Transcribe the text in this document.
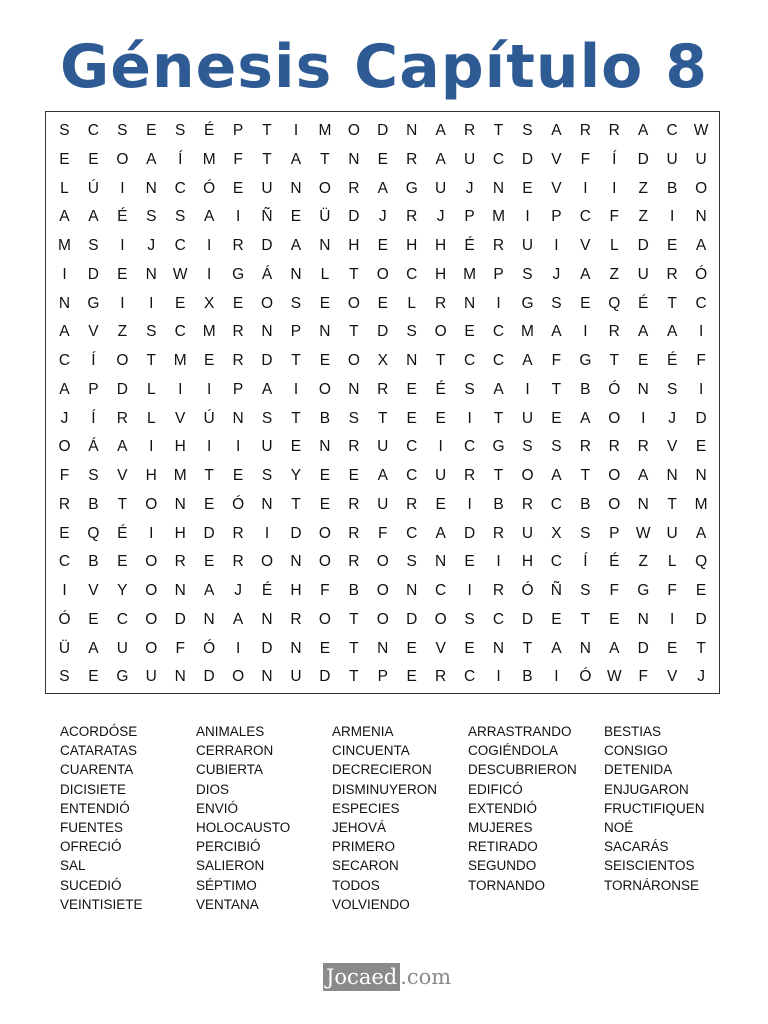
Génesis Capítulo 8
S	C	S	E	S	É	P	T	I	M	O	D	N	A	R	T	S	A	R	R	A	C	W
E	E	O	A	Í	M	F	T	A	T	N	E	R	A	U	C	D	V	F	Í	D	U	U
L	Ú	I	N	C	Ó	E	U	N	O	R	A	G	U	J	N	E	V	I	I	Z	B	O
A	A	É	S	S	A	I	Ñ	E	Ü	D	J	R	J	P	M	I	P	C	F	Z	I	N
M	S	I	J	C	I	R	D	A	N	H	E	H	H	É	R	U	I	V	L	D	E	A
I	D	E	N	W	I	G	Á	N	L	T	O	C	H	M	P	S	J	A	Z	U	R	Ó
N	G	I	I	E	X	E	O	S	E	O	E	L	R	N	I	G	S	E	Q	É	T	C
A	V	Z	S	C	M	R	N	P	N	T	D	S	O	E	C	M	A	I	R	A	A	I
C	Í	O	T	M	E	R	D	T	E	O	X	N	T	C	C	A	F	G	T	E	É	F
A	P	D	L	I	I	P	A	I	O	N	R	E	É	S	A	I	T	B	Ó	N	S	I
J	Í	R	L	V	Ú	N	S	T	B	S	T	E	E	I	T	U	E	A	O	I	J	D
O	Á	A	I	H	I	I	U	E	N	R	U	C	I	C	G	S	S	R	R	R	V	E
F	S	V	H	M	T	E	S	Y	E	E	A	C	U	R	T	O	A	T	O	A	N	N
R	B	T	O	N	E	Ó	N	T	E	R	U	R	E	I	B	R	C	B	O	N	T	M
E	Q	É	I	H	D	R	I	D	O	R	F	C	A	D	R	U	X	S	P	W	U	A
C	B	E	O	R	E	R	O	N	O	R	O	S	N	E	I	H	C	Í	É	Z	L	Q
I	V	Y	O	N	A	J	É	H	F	B	O	N	C	I	R	Ó	Ñ	S	F	G	F	E
Ó	E	C	O	D	N	A	N	R	O	T	O	D	O	S	C	D	E	T	E	N	I	D
Ü	A	U	O	F	Ó	I	D	N	E	T	N	E	V	E	N	T	A	N	A	D	E	T
S	E	G	U	N	D	O	N	U	D	T	P	E	R	C	I	B	I	Ó	W	F	V	J
ACORDÓSE
CATARATAS
CUARENTA
DICISIETE
ENTENDIÓ
FUENTES
OFRECIÓ
SAL
SUCEDIÓ
VEINTISIETE
ANIMALES
CERRARON
CUBIERTA
DIOS
ENVIÓ
HOLOCAUSTO
PERCIBIÓ
SALIERON
SÉPTIMO
VENTANA
ARMENIA
CINCUENTA
DECRECIERON
DISMINUYERON
ESPECIES
JEHOVÁ
PRIMERO
SECARON
TODOS
VOLVIENDO
ARRASTRANDO
COGIÉNDOLA
DESCUBRIERON
EDIFICÓ
EXTENDIÓ
MUJERES
RETIRADO
SEGUNDO
TORNANDO
BESTIAS
CONSIGO
DETENIDA
ENJUGARON
FRUCTIFIQUEN
NOÉ
SACARÁS
SEISCIENTOS
TORNÁRONSE
Jocaed .com
